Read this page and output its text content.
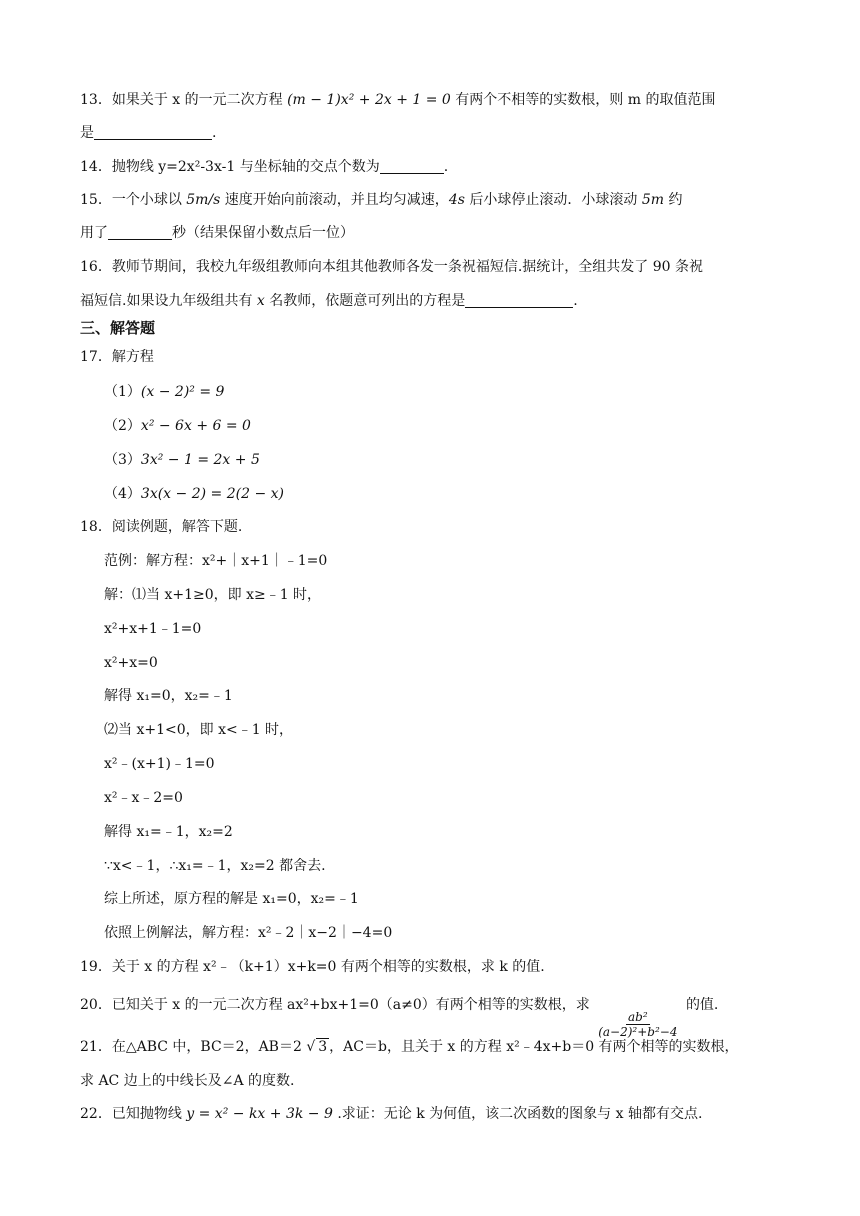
13．如果关于 x 的一元二次方程 (m − 1)x² + 2x + 1 = 0 有两个不相等的实数根，则 m 的取值范围
是	.
14．抛物线 y=2x²-3x-1 与坐标轴的交点个数为	.
15．一个小球以 5m/s 速度开始向前滚动，并且均匀减速，4s 后小球停止滚动．小球滚动 5m 约
用了	秒（结果保留小数点后一位）
16．教师节期间，我校九年级组教师向本组其他教师各发一条祝福短信.据统计，全组共发了 90 条祝
福短信.如果设九年级组共有 x 名教师，依题意可列出的方程是	.
三、解答题
17．解方程
（1）(x − 2)² = 9
（2）x² − 6x + 6 = 0
（3）3x² − 1 = 2x + 5
（4）3x(x − 2) = 2(2 − x)
18．阅读例题，解答下题.
范例：解方程：x²+｜x+1｜﹣1=0
解：⑴当 x+1≥0，即 x≥﹣1 时，
x²+x+1﹣1=0
x²+x=0
解得 x₁=0，x₂=﹣1
⑵当 x+1<0，即 x<﹣1 时，
x²﹣(x+1)﹣1=0
x²﹣x﹣2=0
解得 x₁=﹣1，x₂=2
∵x<﹣1，∴x₁=﹣1，x₂=2 都舍去.
综上所述，原方程的解是 x₁=0，x₂=﹣1
依照上例解法，解方程：x²﹣2｜x−2｜−4=0
19．关于 x 的方程 x²﹣（k+1）x+k=0 有两个相等的实数根，求 k 的值.
20．已知关于 x 的一元二次方程 ax²+bx+1=0（a≠0）有两个相等的实数根，求
$\frac{\text{ab²}}{\text{(a−2)²+b²−4}}$
的值.
21．在△ABC 中，BC＝2，AB＝2 √ 3 ，AC＝b，且关于 x 的方程 x²﹣4x+b＝0 有两个相等的实数根，
求 AC 边上的中线长及∠A 的度数.
22．已知抛物线 y = x² − kx + 3k − 9 .求证：无论 k 为何值，该二次函数的图象与 x 轴都有交点.
